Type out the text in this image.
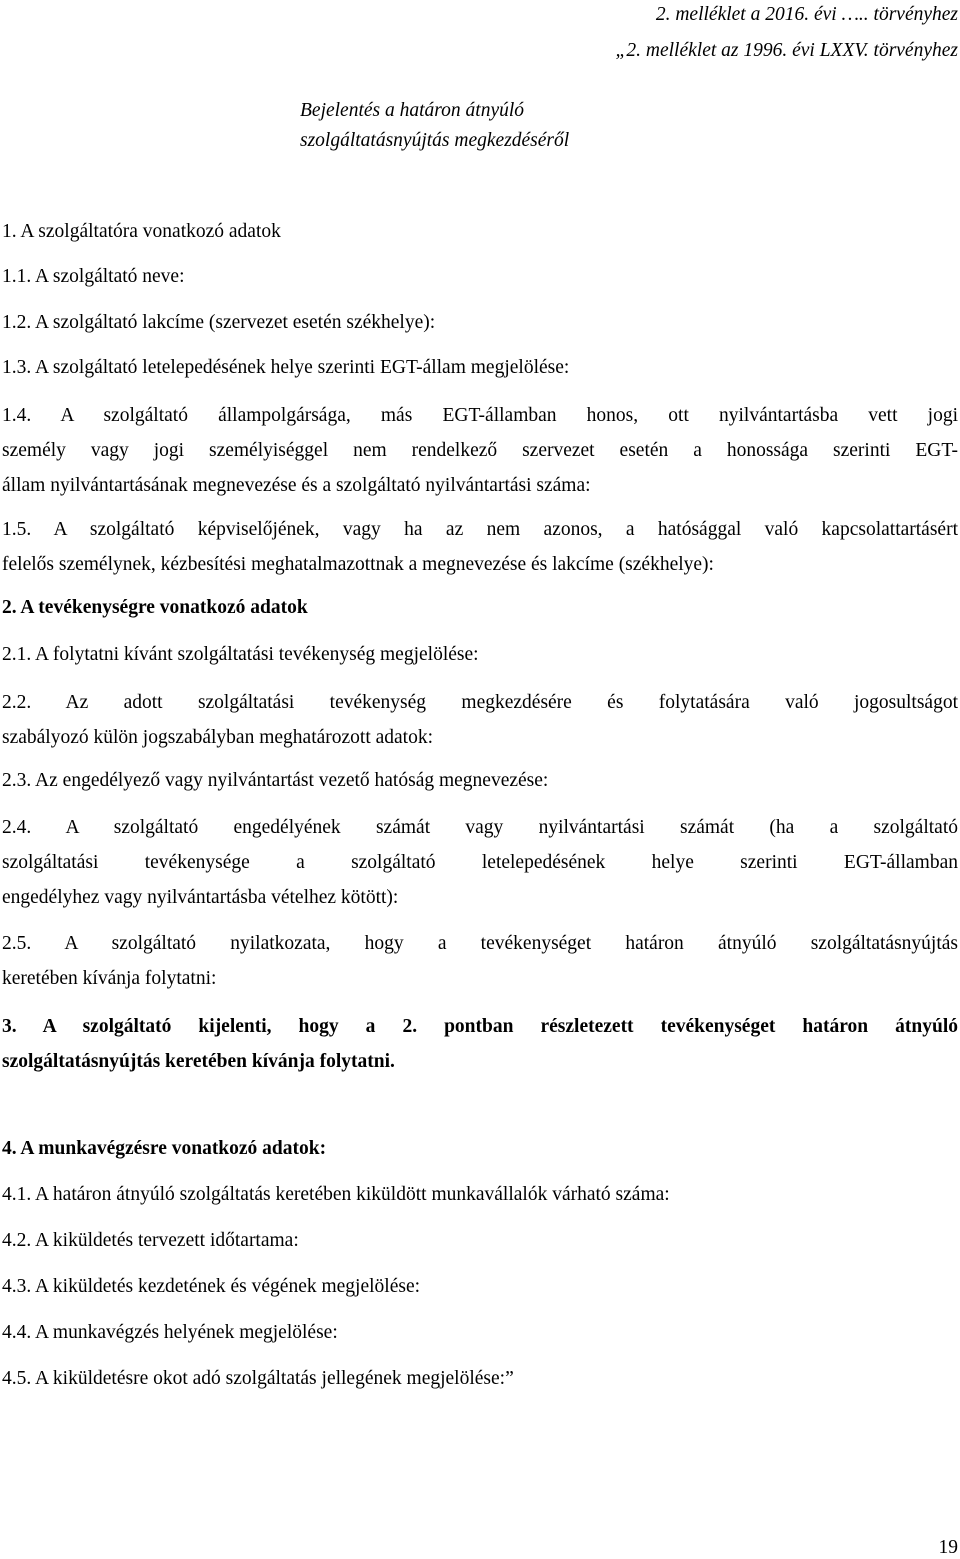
2. melléklet a 2016. évi ….. törvényhez
„2. melléklet az 1996. évi LXXV. törvényhez
Bejelentés a határon átnyúló
szolgáltatásnyújtás megkezdéséről
1. A szolgáltatóra vonatkozó adatok
1.1. A szolgáltató neve:
1.2. A szolgáltató lakcíme (szervezet esetén székhelye):
1.3. A szolgáltató letelepedésének helye szerinti EGT-állam megjelölése:
1.4. A szolgáltató állampolgársága, más EGT-államban honos, ott nyilvántartásba vett jogi
személy vagy jogi személyiséggel nem rendelkező szervezet esetén a honossága szerinti EGT-
állam nyilvántartásának megnevezése és a szolgáltató nyilvántartási száma:
1.5. A szolgáltató képviselőjének, vagy ha az nem azonos, a hatósággal való kapcsolattartásért
felelős személynek, kézbesítési meghatalmazottnak a megnevezése és lakcíme (székhelye):
2. A tevékenységre vonatkozó adatok
2.1. A folytatni kívánt szolgáltatási tevékenység megjelölése:
2.2. Az adott szolgáltatási tevékenység megkezdésére és folytatására való jogosultságot
szabályozó külön jogszabályban meghatározott adatok:
2.3. Az engedélyező vagy nyilvántartást vezető hatóság megnevezése:
2.4. A szolgáltató engedélyének számát vagy nyilvántartási számát (ha a szolgáltató
szolgáltatási tevékenysége a szolgáltató letelepedésének helye szerinti EGT-államban
engedélyhez vagy nyilvántartásba vételhez kötött):
2.5. A szolgáltató nyilatkozata, hogy a tevékenységet határon átnyúló szolgáltatásnyújtás
keretében kívánja folytatni:
3. A szolgáltató kijelenti, hogy a 2. pontban részletezett tevékenységet határon átnyúló
szolgáltatásnyújtás keretében kívánja folytatni.
4. A munkavégzésre vonatkozó adatok:
4.1. A határon átnyúló szolgáltatás keretében kiküldött munkavállalók várható száma:
4.2. A kiküldetés tervezett időtartama:
4.3. A kiküldetés kezdetének és végének megjelölése:
4.4. A munkavégzés helyének megjelölése:
4.5. A kiküldetésre okot adó szolgáltatás jellegének megjelölése:”
19
